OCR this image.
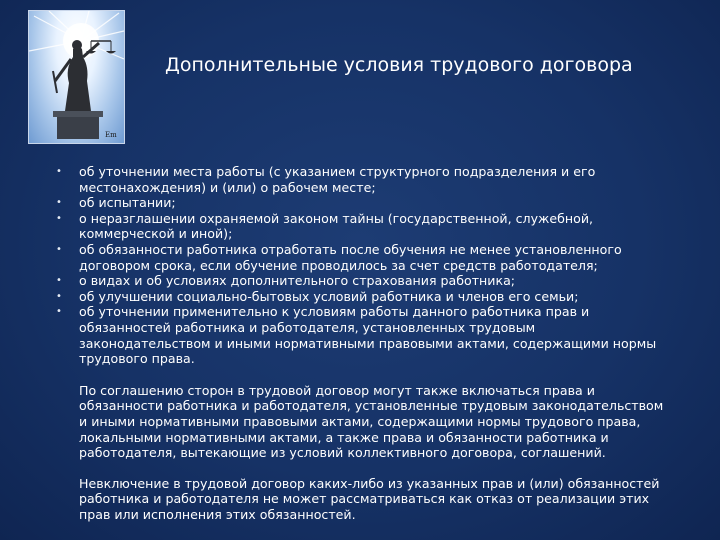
Em
Дополнительные условия трудового договора
•	об уточнении места работы (с указанием структурного подразделения и его местонахождения) и (или) о рабочем месте;
•	об испытании;
•	о неразглашении охраняемой законом тайны (государственной, служебной, коммерческой и иной);
•	об обязанности работника отработать после обучения не менее установленного договором срока, если обучение проводилось за счет средств работодателя;
•	о видах и об условиях дополнительного страхования работника;
•	об улучшении социально-бытовых условий работника и членов его семьи;
•	об уточнении применительно к условиям работы данного работника прав и обязанностей работника и работодателя, установленных трудовым законодательством и иными нормативными правовыми актами, содержащими нормы трудового права.
По соглашению сторон в трудовой договор могут также включаться права и обязанности работника и работодателя, установленные трудовым законодательством и иными нормативными правовыми актами, содержащими нормы трудового права, локальными нормативными актами, а также права и обязанности работника и работодателя, вытекающие из условий коллективного договора, соглашений.
Невключение в трудовой договор каких-либо из указанных прав и (или) обязанностей работника и работодателя не может рассматриваться как отказ от реализации этих прав или исполнения этих обязанностей.
